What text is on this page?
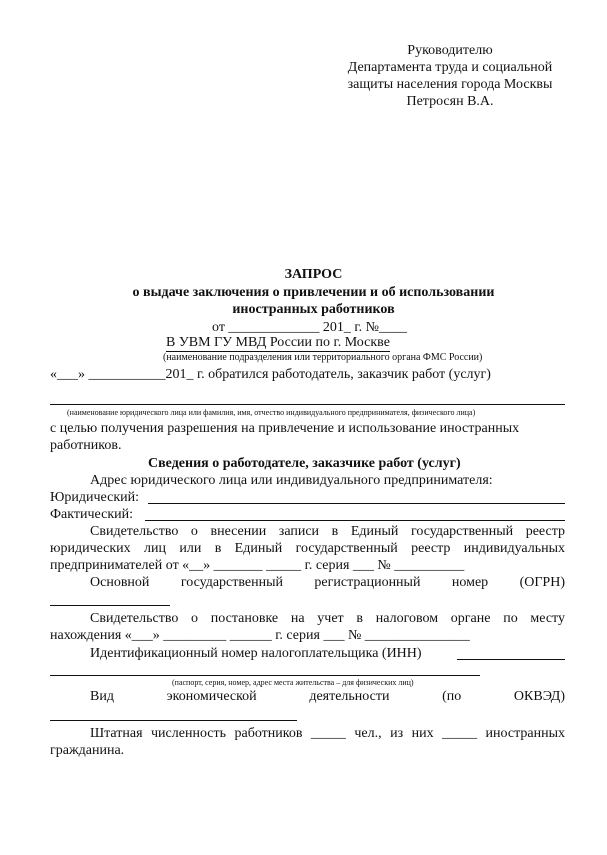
Руководителю
Департамента труда и социальной
защиты населения города Москвы
Петросян В.А.
ЗАПРОС
о выдаче заключения о привлечении и об использовании
иностранных работников
от _____________ 201_ г. №____
В УВМ ГУ МВД России по г. Москве
(наименование подразделения или территориального органа ФМС России)
«___» ___________201_ г. обратился работодатель, заказчик работ (услуг)
(наименование юридического лица или фамилия, имя, отчество индивидуального предпринимателя, физического лица)
с целью получения разрешения на привлечение и использование иностранных
работников.
Сведения о работодателе, заказчике работ (услуг)
Адрес юридического лица или индивидуального предпринимателя:
Юридический:
Фактический:
Свидетельство о внесении записи в Единый государственный реестр
юридических лиц или в Единый государственный реестр индивидуальных
предпринимателей от «__» _______ _____ г. серия ___ № __________
Основной государственный регистрационный номер (ОГРН)
Свидетельство о постановке на учет в налоговом органе по месту
нахождения «___» _________ ______ г. серия ___ № _______________
Идентификационный номер налогоплательщика (ИНН)
(паспорт, серия, номер, адрес места жительства – для физических лиц)
Вид экономической деятельности (по ОКВЭД)
Штатная численность работников _____ чел., из них _____ иностранных
гражданина.
